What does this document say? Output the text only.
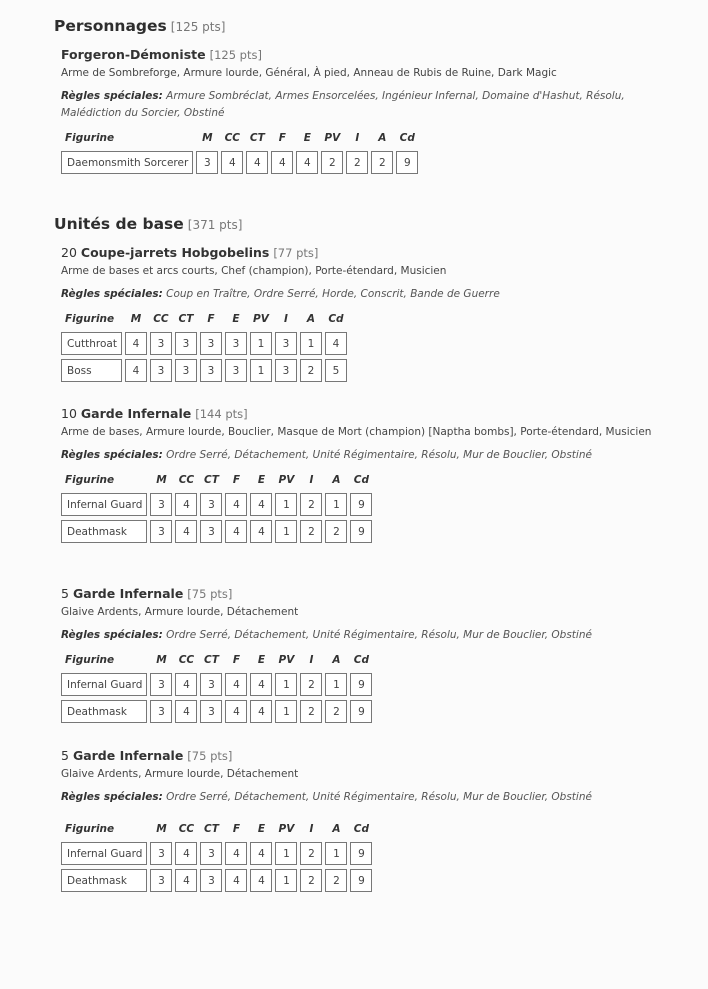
Personnages [125 pts]
Forgeron-Démoniste [125 pts]
Arme de Sombreforge, Armure lourde, Général, À pied, Anneau de Rubis de Ruine, Dark Magic
Règles spéciales: Armure Sombréclat, Armes Ensorcelées, Ingénieur Infernal, Domaine d'Hashut, Résolu, Malédiction du Sorcier, Obstiné
Figurine	M	CC	CT	F	E	PV	I	A	Cd
Daemonsmith Sorcerer	3	4	4	4	4	2	2	2	9
Unités de base [371 pts]
20 Coupe-jarrets Hobgobelins [77 pts]
Arme de bases et arcs courts, Chef (champion), Porte-étendard, Musicien
Règles spéciales: Coup en Traître, Ordre Serré, Horde, Conscrit, Bande de Guerre
Figurine	M	CC	CT	F	E	PV	I	A	Cd
Cutthroat	4	3	3	3	3	1	3	1	4
Boss	4	3	3	3	3	1	3	2	5
10 Garde Infernale [144 pts]
Arme de bases, Armure lourde, Bouclier, Masque de Mort (champion) [Naptha bombs], Porte-étendard, Musicien
Règles spéciales: Ordre Serré, Détachement, Unité Régimentaire, Résolu, Mur de Bouclier, Obstiné
Figurine	M	CC	CT	F	E	PV	I	A	Cd
Infernal Guard	3	4	3	4	4	1	2	1	9
Deathmask	3	4	3	4	4	1	2	2	9
5 Garde Infernale [75 pts]
Glaive Ardents, Armure lourde, Détachement
Règles spéciales: Ordre Serré, Détachement, Unité Régimentaire, Résolu, Mur de Bouclier, Obstiné
Figurine	M	CC	CT	F	E	PV	I	A	Cd
Infernal Guard	3	4	3	4	4	1	2	1	9
Deathmask	3	4	3	4	4	1	2	2	9
5 Garde Infernale [75 pts]
Glaive Ardents, Armure lourde, Détachement
Règles spéciales: Ordre Serré, Détachement, Unité Régimentaire, Résolu, Mur de Bouclier, Obstiné
Figurine	M	CC	CT	F	E	PV	I	A	Cd
Infernal Guard	3	4	3	4	4	1	2	1	9
Deathmask	3	4	3	4	4	1	2	2	9
